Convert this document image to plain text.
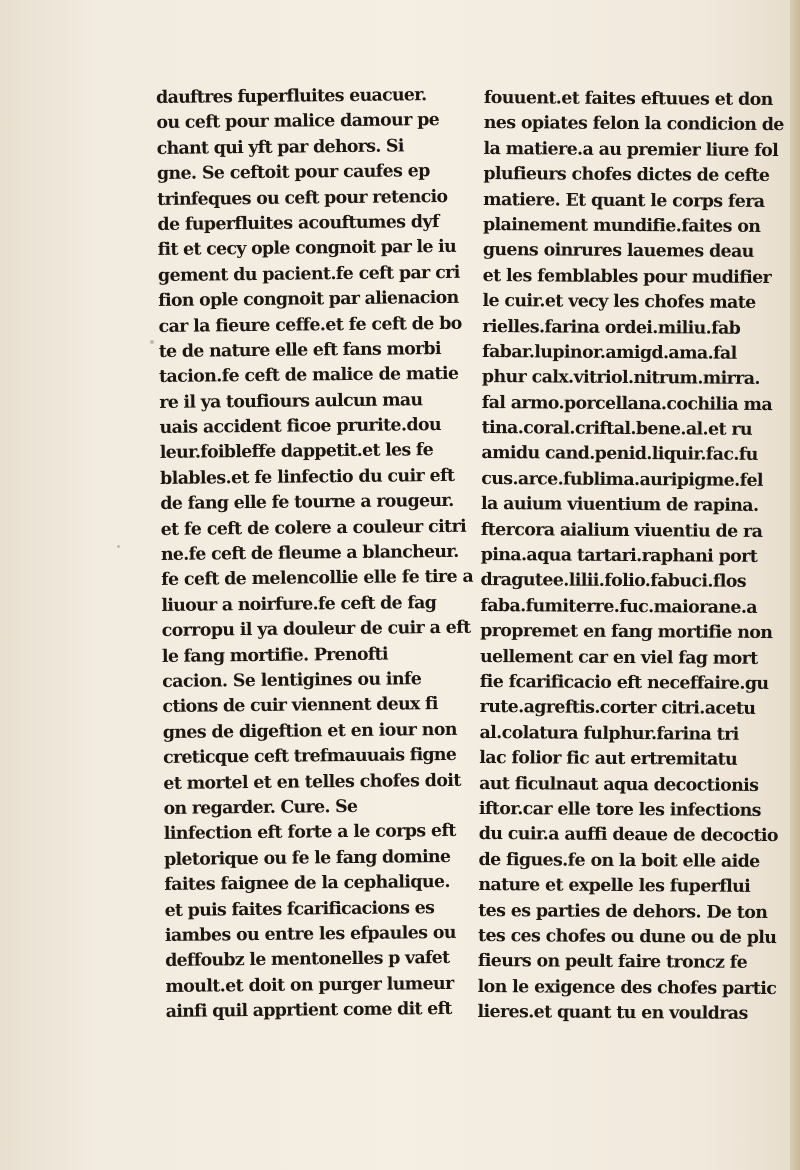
dauftres fuperfluites euacuer.
ou ceft pour malice damour pe
chant qui yft par dehors. Si
gne. Se ceftoit pour caufes ep
trinfeques ou ceft pour retencio
de fuperfluites acouftumes dyf
fit et cecy ople congnoit par le iu
gement du pacient.fe ceft par cri
fion ople congnoit par alienacion
car la fieure ceffe.et fe ceft de bo
te de nature elle eft fans morbi
tacion.fe ceft de malice de matie
re il ya toufiours aulcun mau
uais accident ficoe prurite.dou
leur.foibleffe dappetit.et les fe
blables.et fe linfectio du cuir eft
de fang elle fe tourne a rougeur.
et fe ceft de colere a couleur citri
ne.fe ceft de fleume a blancheur.
fe ceft de melencollie elle fe tire a
liuour a noirfure.fe ceft de fag
corropu il ya douleur de cuir a eft
le fang mortifie. Prenofti
cacion. Se lentigines ou infe
ctions de cuir viennent deux fi
gnes de digeftion et en iour non
creticque ceft trefmauuais figne
et mortel et en telles chofes doit
on regarder. Cure. Se
linfection eft forte a le corps eft
pletorique ou fe le fang domine
faites faignee de la cephalique.
et puis faites fcarificacions es
iambes ou entre les efpaules ou
deffoubz le mentonelles p vafet
moult.et doit on purger lumeur
ainfi quil apprtient come dit eft
fouuent.et faites eftuues et don
nes opiates felon la condicion de
la matiere.a au premier liure fol
plufieurs chofes dictes de cefte
matiere. Et quant le corps fera
plainement mundifie.faites on
guens oinrures lauemes deau
et les femblables pour mudifier
le cuir.et vecy les chofes mate
rielles.farina ordei.miliu.fab
fabar.lupinor.amigd.ama.fal
phur calx.vitriol.nitrum.mirra.
fal armo.porcellana.cochilia ma
tina.coral.criftal.bene.al.et ru
amidu cand.penid.liquir.fac.fu
cus.arce.fublima.auripigme.fel
la auium viuentium de rapina.
ftercora aialium viuentiu de ra
pina.aqua tartari.raphani port
dragutee.lilii.folio.fabuci.flos
faba.fumiterre.fuc.maiorane.a
propremet en fang mortifie non
uellement car en viel fag mort
fie fcarificacio eft neceffaire.gu
rute.agreftis.corter citri.acetu
al.colatura fulphur.farina tri
lac folior fic aut ertremitatu
aut ficulnaut aqua decoctionis
iftor.car elle tore les infections
du cuir.a auffi deaue de decoctio
de figues.fe on la boit elle aide
nature et expelle les fuperflui
tes es parties de dehors. De ton
tes ces chofes ou dune ou de plu
fieurs on peult faire troncz fe
lon le exigence des chofes partic
lieres.et quant tu en vouldras
